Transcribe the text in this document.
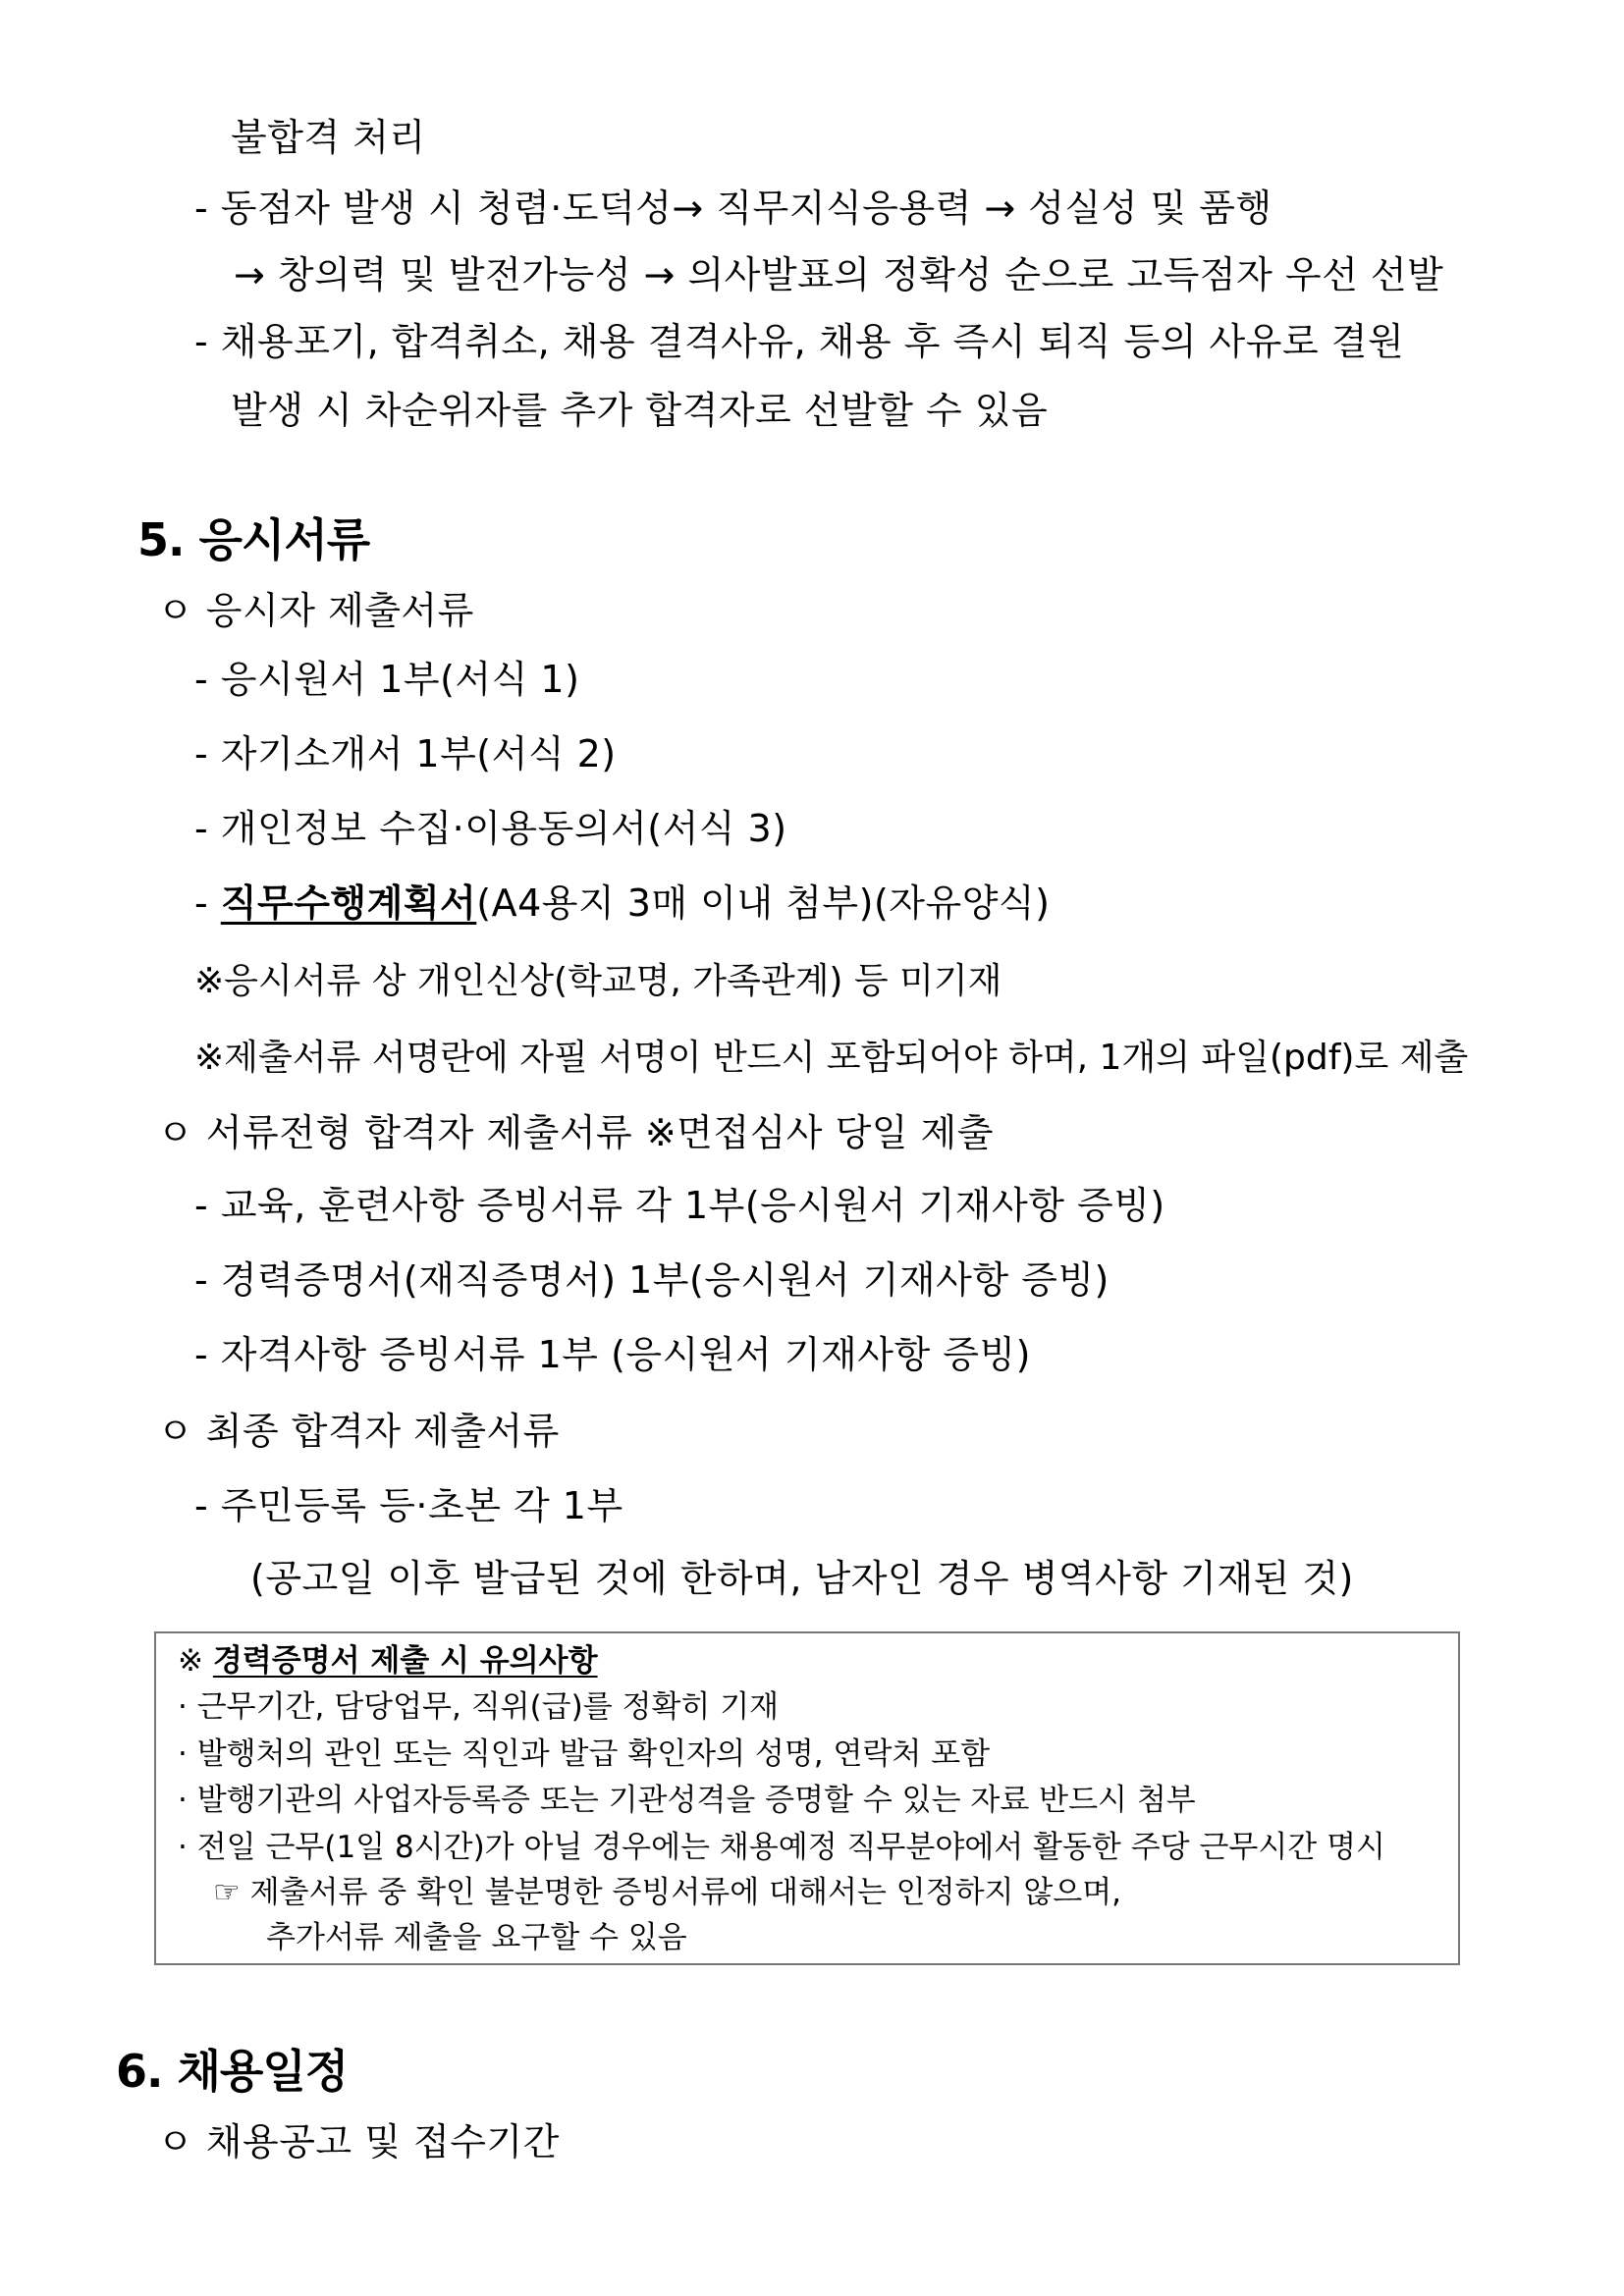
불합격 처리
- 동점자 발생 시 청렴·도덕성→ 직무지식응용력 → 성실성 및 품행
→ 창의력 및 발전가능성 → 의사발표의 정확성 순으로 고득점자 우선 선발
- 채용포기, 합격취소, 채용 결격사유, 채용 후 즉시 퇴직 등의 사유로 결원
발생 시 차순위자를 추가 합격자로 선발할 수 있음
5. 응시서류
ㅇ 응시자 제출서류
- 응시원서 1부(서식 1)
- 자기소개서 1부(서식 2)
- 개인정보 수집·이용동의서(서식 3)
- 직무수행계획서(A4용지 3매 이내 첨부)(자유양식)
※응시서류 상 개인신상(학교명, 가족관계) 등 미기재
※제출서류 서명란에 자필 서명이 반드시 포함되어야 하며, 1개의 파일(pdf)로 제출
ㅇ 서류전형 합격자 제출서류 ※면접심사 당일 제출
- 교육, 훈련사항 증빙서류 각 1부(응시원서 기재사항 증빙)
- 경력증명서(재직증명서) 1부(응시원서 기재사항 증빙)
- 자격사항 증빙서류 1부 (응시원서 기재사항 증빙)
ㅇ 최종 합격자 제출서류
- 주민등록 등·초본 각 1부
(공고일 이후 발급된 것에 한하며, 남자인 경우 병역사항 기재된 것)
※ 경력증명서 제출 시 유의사항
· 근무기간, 담당업무, 직위(급)를 정확히 기재
· 발행처의 관인 또는 직인과 발급 확인자의 성명, 연락처 포함
· 발행기관의 사업자등록증 또는 기관성격을 증명할 수 있는 자료 반드시 첨부
· 전일 근무(1일 8시간)가 아닐 경우에는 채용예정 직무분야에서 활동한 주당 근무시간 명시
☞ 제출서류 중 확인 불분명한 증빙서류에 대해서는 인정하지 않으며,
추가서류 제출을 요구할 수 있음
6. 채용일정
ㅇ 채용공고 및 접수기간
